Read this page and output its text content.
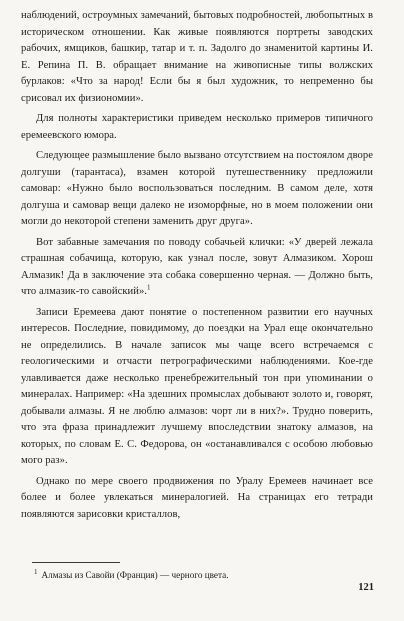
наблюдений, остроумных замечаний, бытовых подробностей, любопытных в историческом отношении. Как живые появляются портреты заводских рабочих, ямщиков, башкир, татар и т. п. Задолго до знаменитой картины И. Е. Репина П. В. обращает внимание на живописные типы волжских бурлаков: «Что за народ! Если бы я был художник, то непременно бы срисовал их физиономии».

Для полноты характеристики приведем несколько примеров типичного еремеевского юмора.

Следующее размышление было вызвано отсутствием на постоялом дворе долгуши (тарантаса), взамен которой путешественнику предложили самовар: «Нужно было воспользоваться последним. В самом деле, хотя долгуша и самовар вещи далеко не изоморфные, но в моем положении они могли до некоторой степени заменить друг друга».

Вот забавные замечания по поводу собачьей клички: «У дверей лежала страшная собачища, которую, как узнал после, зовут Алмазиком. Хорош Алмазик! Да в заключение эта собака совершенно черная. — Должно быть, что алмазик-то савойский».$^1$

Записи Еремеева дают понятие о постепенном развитии его научных интересов. Последние, повидимому, до поездки на Урал еще окончательно не определились. В начале записок мы чаще всего встречаемся с геологическими и отчасти петрографическими наблюдениями. Кое-где улавливается даже несколько пренебрежительный тон при упоминании о минералах. Например: «На здешних промыслах добывают золото и, говорят, добывали алмазы. Я не люблю алмазов: чорт ли в них?». Трудно поверить, что эта фраза принадлежит лучшему впоследствии знатоку алмазов, на которых, по словам Е. С. Федорова, он «останавливался с особою любовью мого раз».

Однако по мере своего продвижения по Уралу Еремеев начинает все более и более увлекаться минералогией. На страницах его тетради появляются зарисовки кристаллов,

$^1$ Алмазы из Савойи (Франция) — черного цвета.
121
